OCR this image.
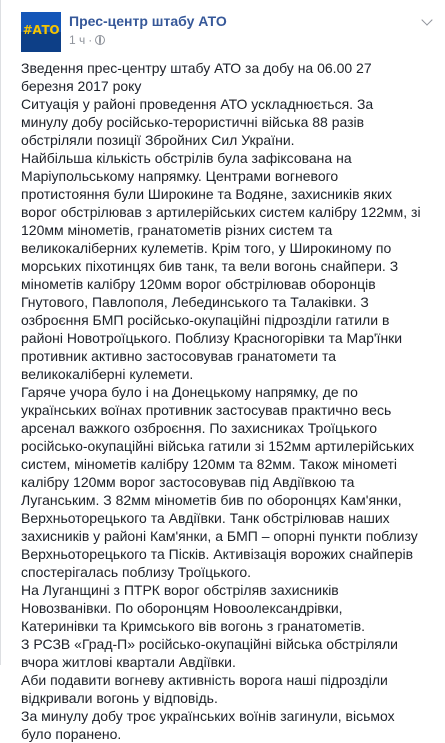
#АТО
Прес-центр штабу АТО
1 ч ·

Зведення прес-центру штабу АТО за добу на 06.00 27 березня 2017 року

Ситуація у районі проведення АТО ускладнюється. За минулу добу російсько-терористичні війська 88 разів обстріляли позиції Збройних Сил України.

Найбільша кількість обстрілів була зафіксована на Маріупольському напрямку. Центрами вогневого протистояння були Широкине та Водяне, захисників яких ворог обстрілював з артилерійських систем калібру 122мм, зі 120мм мінометів, гранатометів різних систем та великокаліберних кулеметів. Крім того, у Широкиному по морських піхотинцях бив танк, та вели вогонь снайпери. З мінометів калібру 120мм ворог обстрілював оборонців Гнутового, Павлополя, Лебединського та Талаківки. З озброєння БМП російсько-окупаційні підрозділи гатили в районі Новотроїцького. Поблизу Красногорівки та Мар'їнки противник активно застосовував гранатомети та великокаліберні кулемети.

Гаряче учора було і на Донецькому напрямку, де по українських воїнах противник застосував практично весь арсенал важкого озброєння. По захисниках Троїцького російсько-окупаційні війська гатили зі 152мм артилерійських систем, мінометів калібру 120мм та 82мм. Також мінометі калібру 120мм ворог застосовував під Авдіївкою та Луганським. З 82мм мінометів бив по оборонцях Кам'янки, Верхньоторецького та Авдіївки. Танк обстрілював наших захисників у районі Кам'янки, а БМП – опорні пункти поблизу Верхньоторецького та Пісків. Активізація ворожих снайперів спостерігалась поблизу Троїцького.

На Луганщині з ПТРК ворог обстріляв захисників Новозванівки. По оборонцям Новоолександрівки, Катеринівки та Кримського вів вогонь з гранатометів.

З РСЗВ «Град-П» російсько-окупаційні війська обстріляли вчора житлові квартали Авдіївки.

Аби подавити вогневу активність ворога наші підрозділи відкривали вогонь у відповідь.

За минулу добу троє українських воїнів загинули, вісьмох було поранено.
